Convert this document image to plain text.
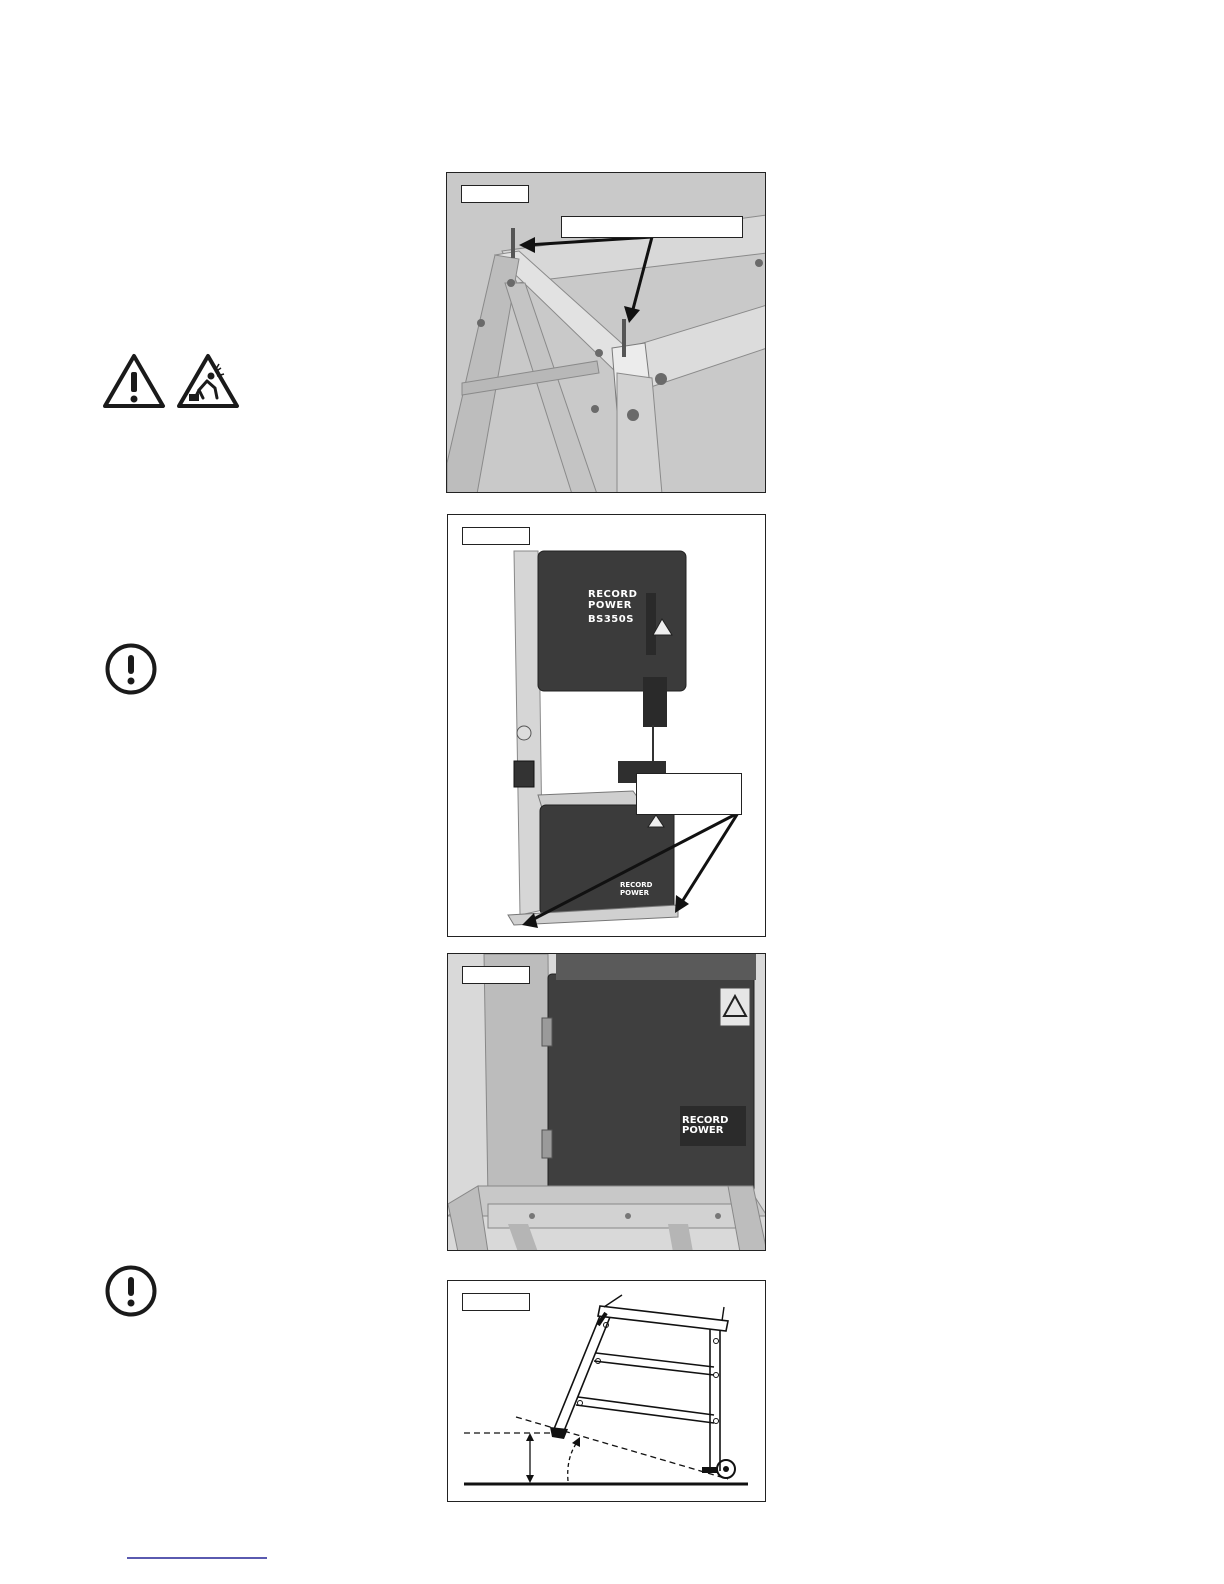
RECORD POWER
BS350S
RECORD POWER
RECORD POWER
